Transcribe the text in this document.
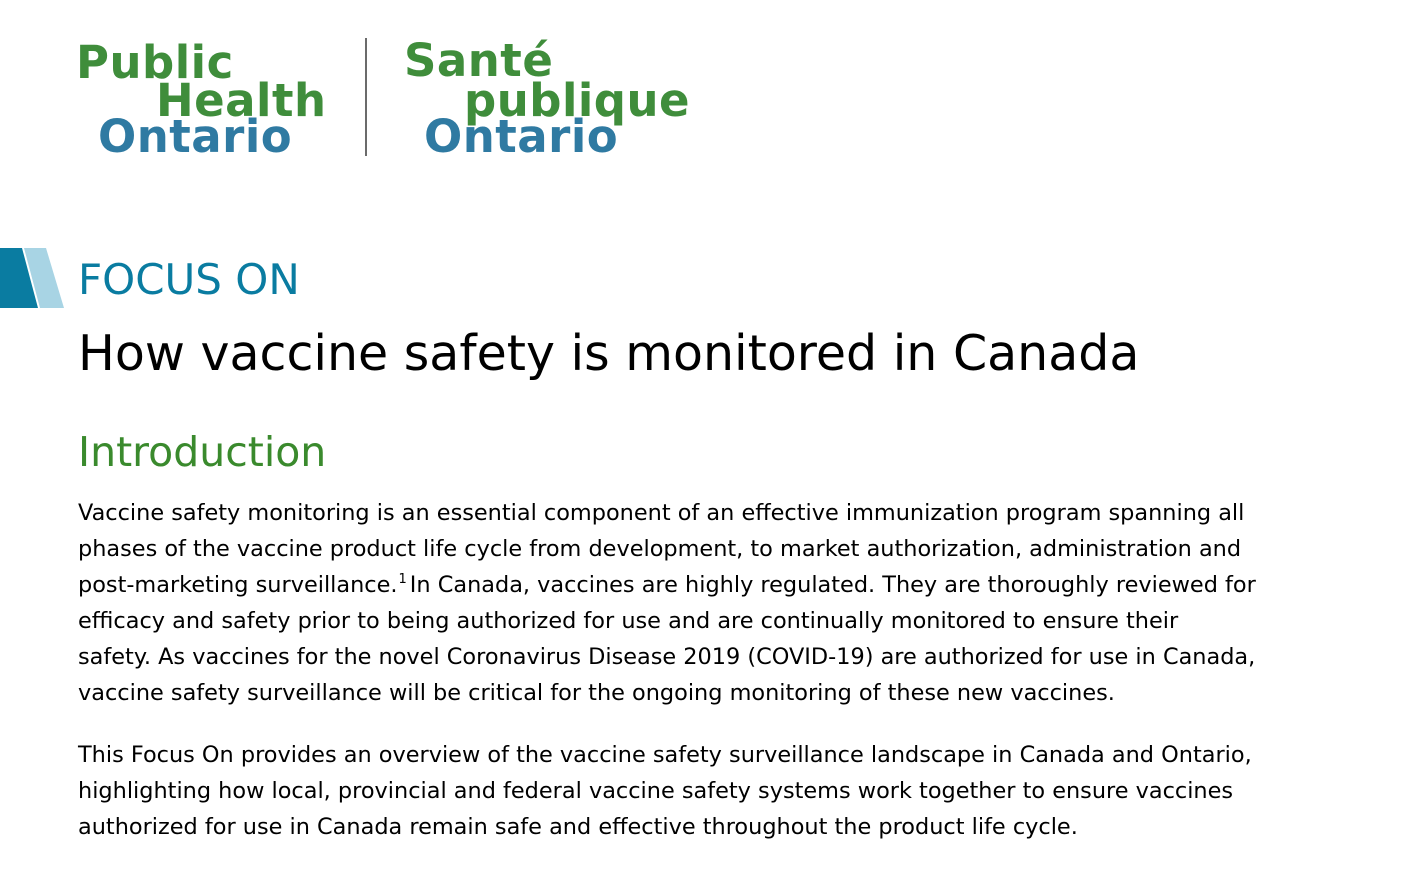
Public
Health
Ontario
Santé
publique
Ontario
FOCUS ON
How vaccine safety is monitored in Canada
Introduction
Vaccine safety monitoring is an essential component of an effective immunization program spanning all
phases of the vaccine product life cycle from development, to market authorization, administration and
post-marketing surveillance.$^1$ In Canada, vaccines are highly regulated. They are thoroughly reviewed for
efficacy and safety prior to being authorized for use and are continually monitored to ensure their
safety. As vaccines for the novel Coronavirus Disease 2019 (COVID-19) are authorized for use in Canada,
vaccine safety surveillance will be critical for the ongoing monitoring of these new vaccines.
This Focus On provides an overview of the vaccine safety surveillance landscape in Canada and Ontario,
highlighting how local, provincial and federal vaccine safety systems work together to ensure vaccines
authorized for use in Canada remain safe and effective throughout the product life cycle.
